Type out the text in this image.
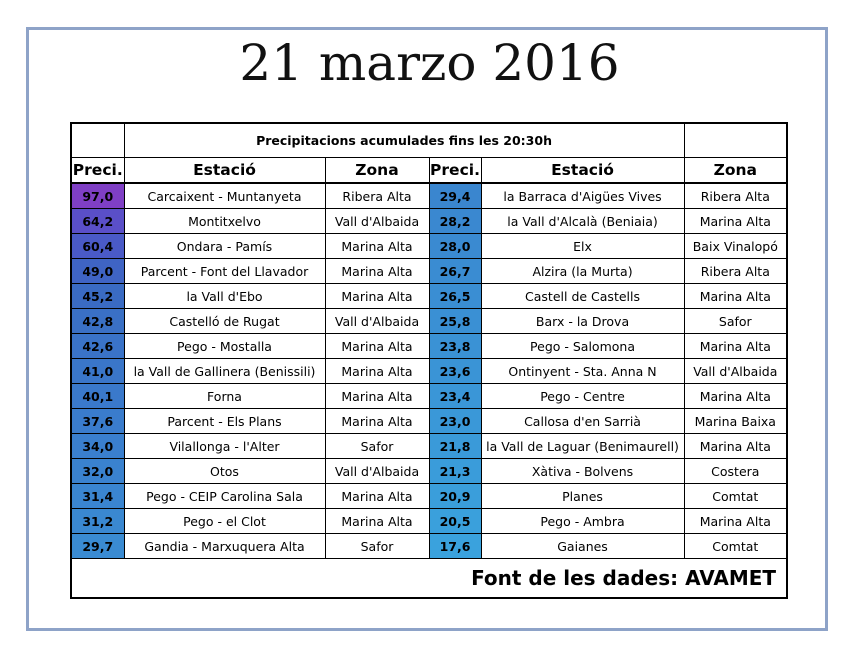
21 marzo 2016
	Precipitacions acumulades fins les 20:30h				
Preci.	Estació	Zona	Preci.	Estació	Zona
97,0	Carcaixent - Muntanyeta	Ribera Alta	29,4	la Barraca d'Aigües Vives	Ribera Alta
64,2	Montitxelvo	Vall d'Albaida	28,2	la Vall d'Alcalà (Beniaia)	Marina Alta
60,4	Ondara - Pamís	Marina Alta	28,0	Elx	Baix Vinalopó
49,0	Parcent - Font del Llavador	Marina Alta	26,7	Alzira (la Murta)	Ribera Alta
45,2	la Vall d'Ebo	Marina Alta	26,5	Castell de Castells	Marina Alta
42,8	Castelló de Rugat	Vall d'Albaida	25,8	Barx - la Drova	Safor
42,6	Pego - Mostalla	Marina Alta	23,8	Pego - Salomona	Marina Alta
41,0	la Vall de Gallinera (Benissili)	Marina Alta	23,6	Ontinyent - Sta. Anna N	Vall d'Albaida
40,1	Forna	Marina Alta	23,4	Pego - Centre	Marina Alta
37,6	Parcent - Els Plans	Marina Alta	23,0	Callosa d'en Sarrià	Marina Baixa
34,0	Vilallonga - l'Alter	Safor	21,8	la Vall de Laguar (Benimaurell)	Marina Alta
32,0	Otos	Vall d'Albaida	21,3	Xàtiva - Bolvens	Costera
31,4	Pego - CEIP Carolina Sala	Marina Alta	20,9	Planes	Comtat
31,2	Pego - el Clot	Marina Alta	20,5	Pego - Ambra	Marina Alta
29,7	Gandia - Marxuquera Alta	Safor	17,6	Gaianes	Comtat
Font de les dades: AVAMET					
